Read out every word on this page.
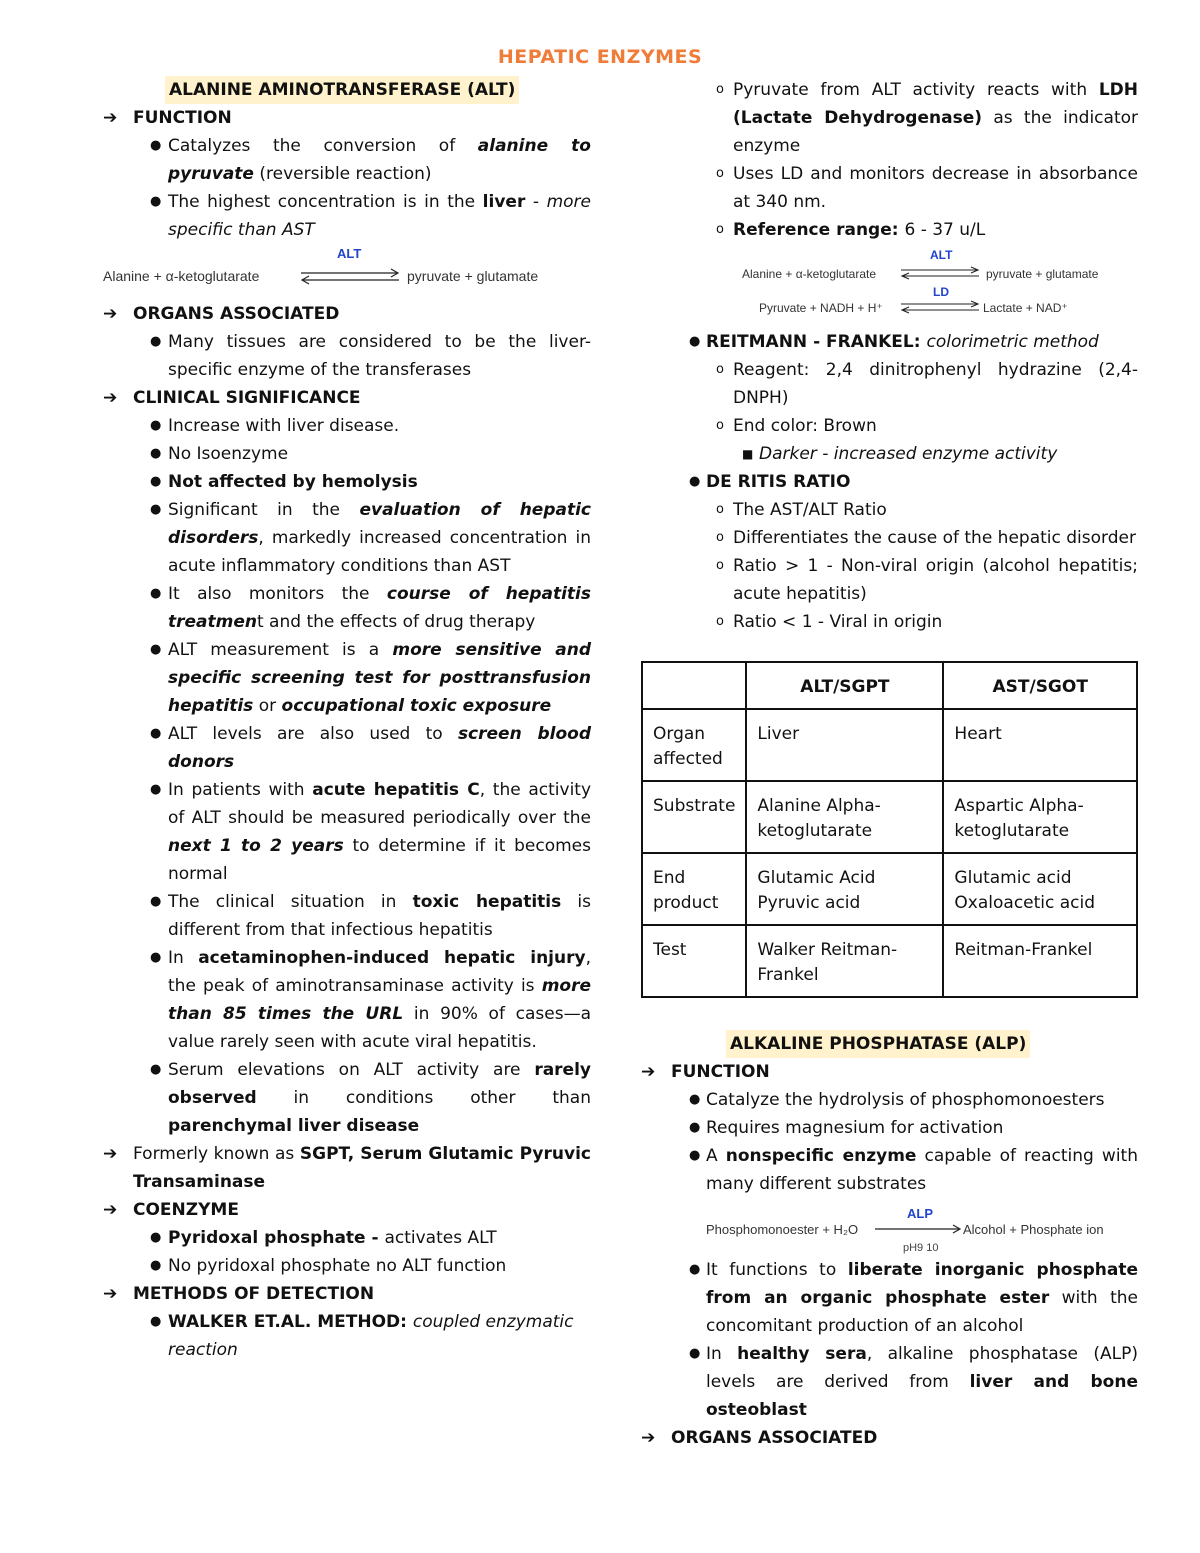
HEPATIC ENZYMES
ALANINE AMINOTRANSFERASE (ALT)
➔ FUNCTION
● Catalyzes the conversion of alanine to pyruvate (reversible reaction)
● The highest concentration is in the liver - more specific than AST
ALT
Alanine + α-ketoglutarate	pyruvate + glutamate
➔ ORGANS ASSOCIATED
● Many tissues are considered to be the liver-specific enzyme of the transferases
➔ CLINICAL SIGNIFICANCE
● Increase with liver disease.
● No Isoenzyme
● Not affected by hemolysis
● Significant in the evaluation of hepatic disorders, markedly increased concentration in acute inflammatory conditions than AST
● It also monitors the course of hepatitis treatment and the effects of drug therapy
● ALT measurement is a more sensitive and specific screening test for posttransfusion hepatitis or occupational toxic exposure
● ALT levels are also used to screen blood donors
● In patients with acute hepatitis C, the activity of ALT should be measured periodically over the next 1 to 2 years to determine if it becomes normal
● The clinical situation in toxic hepatitis is different from that infectious hepatitis
● In acetaminophen-induced hepatic injury, the peak of aminotransaminase activity is more than 85 times the URL in 90% of cases—a value rarely seen with acute viral hepatitis.
● Serum elevations on ALT activity are rarely observed in conditions other than parenchymal liver disease
➔ Formerly known as SGPT, Serum Glutamic Pyruvic Transaminase
➔ COENZYME
● Pyridoxal phosphate - activates ALT
● No pyridoxal phosphate no ALT function
➔ METHODS OF DETECTION
● WALKER ET.AL. METHOD: coupled enzymatic reaction
o Pyruvate from ALT activity reacts with LDH (Lactate Dehydrogenase) as the indicator enzyme
o Uses LD and monitors decrease in absorbance at 340 nm.
o Reference range: 6 - 37 u/L
ALT
Alanine + α-ketoglutarate	pyruvate + glutamate
LD
Pyruvate + NADH + H⁺	Lactate + NAD⁺
● REITMANN - FRANKEL: colorimetric method
o Reagent: 2,4 dinitrophenyl hydrazine (2,4-DNPH)
o End color: Brown
■ Darker - increased enzyme activity
● DE RITIS RATIO
o The AST/ALT Ratio
o Differentiates the cause of the hepatic disorder
o Ratio > 1 - Non-viral origin (alcohol hepatitis; acute hepatitis)
o Ratio < 1 - Viral in origin
	ALT/SGPT	AST/SGOT
Organ affected	Liver	Heart
Substrate	Alanine Alpha-ketoglutarate	Aspartic Alpha-ketoglutarate
End product	Glutamic Acid Pyruvic acid	Glutamic acid Oxaloacetic acid
Test	Walker Reitman-Frankel	Reitman-Frankel
ALKALINE PHOSPHATASE (ALP)
➔ FUNCTION
● Catalyze the hydrolysis of phosphomonoesters
● Requires magnesium for activation
● A nonspecific enzyme capable of reacting with many different substrates
ALP
Phosphomonoester + H₂O
pH9 10
Alcohol + Phosphate ion
● It functions to liberate inorganic phosphate from an organic phosphate ester with the concomitant production of an alcohol
● In healthy sera, alkaline phosphatase (ALP) levels are derived from liver and bone osteoblast
➔ ORGANS ASSOCIATED
